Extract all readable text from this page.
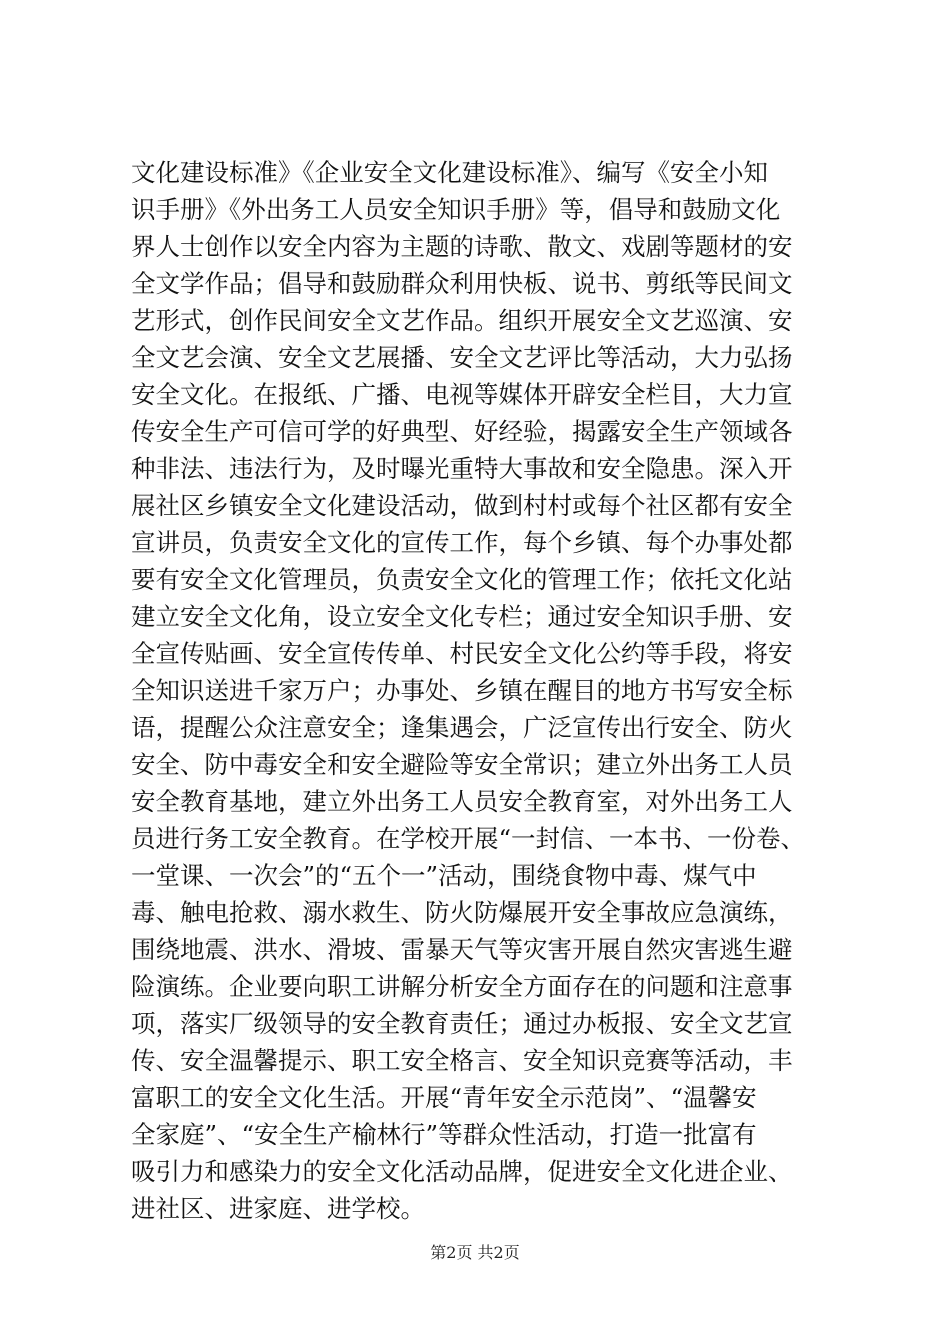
文化建设标准》《企业安全文化建设标准》、编写《安全小知
识手册》《外出务工人员安全知识手册》等，倡导和鼓励文化
界人士创作以安全内容为主题的诗歌、散文、戏剧等题材的安
全文学作品；倡导和鼓励群众利用快板、说书、剪纸等民间文
艺形式，创作民间安全文艺作品。组织开展安全文艺巡演、安
全文艺会演、安全文艺展播、安全文艺评比等活动，大力弘扬
安全文化。在报纸、广播、电视等媒体开辟安全栏目，大力宣
传安全生产可信可学的好典型、好经验，揭露安全生产领域各
种非法、违法行为，及时曝光重特大事故和安全隐患。深入开
展社区乡镇安全文化建设活动，做到村村或每个社区都有安全
宣讲员，负责安全文化的宣传工作，每个乡镇、每个办事处都
要有安全文化管理员，负责安全文化的管理工作；依托文化站
建立安全文化角，设立安全文化专栏；通过安全知识手册、安
全宣传贴画、安全宣传传单、村民安全文化公约等手段，将安
全知识送进千家万户；办事处、乡镇在醒目的地方书写安全标
语，提醒公众注意安全；逢集遇会，广泛宣传出行安全、防火
安全、防中毒安全和安全避险等安全常识；建立外出务工人员
安全教育基地，建立外出务工人员安全教育室，对外出务工人
员进行务工安全教育。在学校开展“一封信、一本书、一份卷、
一堂课、一次会”的“五个一”活动，围绕食物中毒、煤气中
毒、触电抢救、溺水救生、防火防爆展开安全事故应急演练，
围绕地震、洪水、滑坡、雷暴天气等灾害开展自然灾害逃生避
险演练。企业要向职工讲解分析安全方面存在的问题和注意事
项，落实厂级领导的安全教育责任；通过办板报、安全文艺宣
传、安全温馨提示、职工安全格言、安全知识竞赛等活动，丰
富职工的安全文化生活。开展“青年安全示范岗”、“温馨安
全家庭”、“安全生产榆林行”等群众性活动，打造一批富有
吸引力和感染力的安全文化活动品牌，促进安全文化进企业、
进社区、进家庭、进学校。
第2页 共2页
